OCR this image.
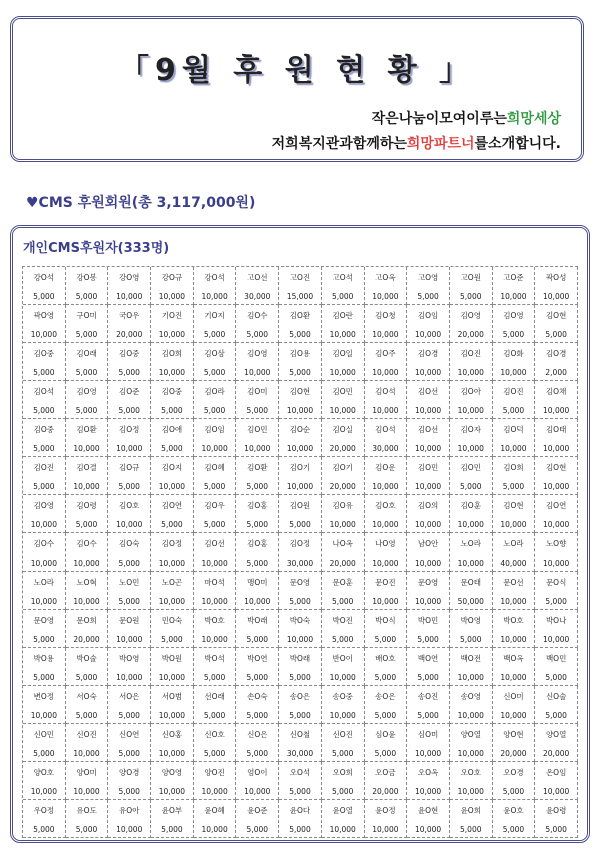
「9월 후 원 현 황 」
작은나눔이모여이루는희망세상
저희복지관과함께하는희망파트너를소개합니다.
♥CMS 후원회원(총 3,117,000원)
개인CMS후원자(333명)
강O석
5,000
강O봉
5,000
강O영
10,000
강O규
10,000
강O석
10,000
고O선
30,000
고O진
15,000
고O석
5,000
고O옥
10,000
고O영
5,000
고O원
5,000
고O준
10,000
곽O성
10,000
곽O영
10,000
구O미
5,000
국O우
20,000
기O진
10,000
기O지
5,000
김O수
5,000
김O환
5,000
김O란
10,000
김O청
10,000
김O임
10,000
김O영
20,000
김O영
5,000
김O현
5,000
김O중
5,000
김O래
5,000
김O중
5,000
김O희
10,000
김O삼
5,000
김O영
10,000
김O용
5,000
김O일
10,000
김O주
10,000
김O경
10,000
김O진
10,000
김O화
10,000
김O경
2,000
김O석
5,000
김O영
5,000
김O준
5,000
김O중
5,000
김O라
5,000
김O미
5,000
김O현
10,000
김O민
10,000
김O석
10,000
김O선
10,000
김O아
10,000
김O진
5,000
김O채
10,000
김O중
5,000
김O환
10,000
김O정
10,000
김O애
5,000
김O임
10,000
김O민
10,000
김O순
10,000
김O실
20,000
김O석
30,000
김O선
10,000
김O자
10,000
김O덕
10,000
김O태
10,000
김O진
5,000
김O결
10,000
김O규
5,000
김O지
10,000
김O혜
5,000
김O환
5,000
김O기
10,000
김O기
20,000
김O운
10,000
김O민
10,000
김O민
5,000
김O희
5,000
김O현
10,000
김O영
10,000
김O령
5,000
김O호
10,000
김O연
5,000
김O우
5,000
김O홍
5,000
김O원
5,000
김O유
10,000
김O호
10,000
김O의
10,000
김O훈
10,000
김O현
10,000
김O연
10,000
김O수
10,000
김O수
10,000
김O숙
5,000
김O정
10,000
김O선
10,000
김O홍
5,000
김O정
30,000
나O옥
20,000
나O영
10,000
남O안
10,000
노O라
10,000
노O라
40,000
노O향
10,000
노O라
10,000
노O혁
10,000
노O민
5,000
노O곤
10,000
마O석
10,000
맹O미
10,000
문O영
5,000
문O훈
5,000
문O진
10,000
문O영
10,000
문O태
50,000
문O선
10,000
문O식
5,000
문O영
5,000
문O희
20,000
문O원
10,000
민O숙
5,000
박O호
10,000
박O래
5,000
박O숙
10,000
박O진
5,000
박O식
5,000
박O민
5,000
박O영
5,000
박O호
10,000
박O나
10,000
박O용
5,000
박O술
5,000
박O영
10,000
박O원
10,000
박O석
5,000
박O연
5,000
박O래
5,000
반O이
10,000
배O호
5,000
백O연
5,000
백O전
10,000
백O옥
10,000
백O민
5,000
변O정
10,000
서O숙
5,000
서O은
5,000
서O범
10,000
선O래
5,000
손O숙
5,000
송O은
5,000
송O중
10,000
송O은
5,000
송O진
5,000
송O영
10,000
신O미
10,000
신O술
5,000
신O민
5,000
신O진
10,000
신O연
5,000
신O홍
10,000
신O호
5,000
신O은
5,000
신O철
30,000
신O진
5,000
심O윤
5,000
심O미
10,000
양O열
10,000
양O현
20,000
양O열
20,000
양O호
10,000
양O미
10,000
양O경
5,000
양O영
10,000
양O진
10,000
엄O이
10,000
오O석
5,000
오O희
5,000
오O금
20,000
오O옥
10,000
오O호
10,000
오O경
5,000
온O임
10,000
우O정
5,000
유O도
5,000
유O아
10,000
윤O부
5,000
윤O혜
10,000
윤O준
5,000
윤O다
5,000
윤O열
10,000
윤O정
10,000
윤O현
10,000
윤O희
5,000
윤O호
5,000
윤O령
5,000
